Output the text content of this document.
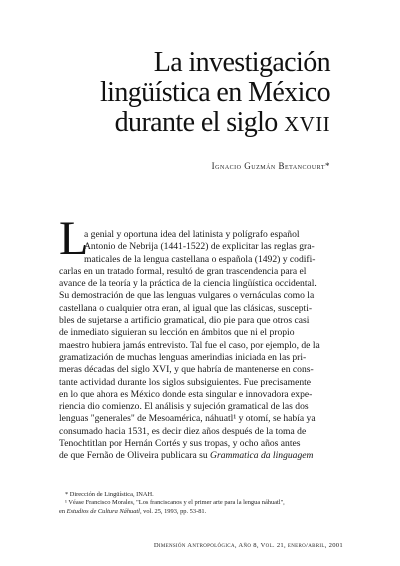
La investigación
lingüística en México
durante el siglo XVII
Ignacio Guzmán Betancourt*
L
a genial y oportuna idea del latinista y polígrafo español
Antonio de Nebrija (1441-1522) de explicitar las reglas gra-
maticales de la lengua castellana o española (1492) y codifi-
carlas en un tratado formal, resultó de gran trascendencia para el
avance de la teoría y la práctica de la ciencia lingüística occidental.
Su demostración de que las lenguas vulgares o vernáculas como la
castellana o cualquier otra eran, al igual que las clásicas, suscepti-
bles de sujetarse a artificio gramatical, dio pie para que otros casi
de inmediato siguieran su lección en ámbitos que ni el propio
maestro hubiera jamás entrevisto. Tal fue el caso, por ejemplo, de la
gramatización de muchas lenguas amerindias iniciada en las pri-
meras décadas del siglo XVI, y que habría de mantenerse en cons-
tante actividad durante los siglos subsiguientes. Fue precisamente
en lo que ahora es México donde esta singular e innovadora expe-
riencia dio comienzo. El análisis y sujeción gramatical de las dos
lenguas "generales" de Mesoamérica, náhuatl¹ y otomí, se había ya
consumado hacia 1531, es decir diez años después de la toma de
Tenochtitlan por Hernán Cortés y sus tropas, y ocho años antes
de que Fernão de Oliveira publicara su Grammatica da linguagem
* Dirección de Lingüística, INAH.
¹ Véase Francisco Morales, "Los franciscanos y el primer arte para la lengua náhuatl",
en Estudios de Cultura Náhuatl, vol. 25, 1993, pp. 53-81.
Dimensión Antropológica, Año 8, Vol. 21, enero/abril, 2001
